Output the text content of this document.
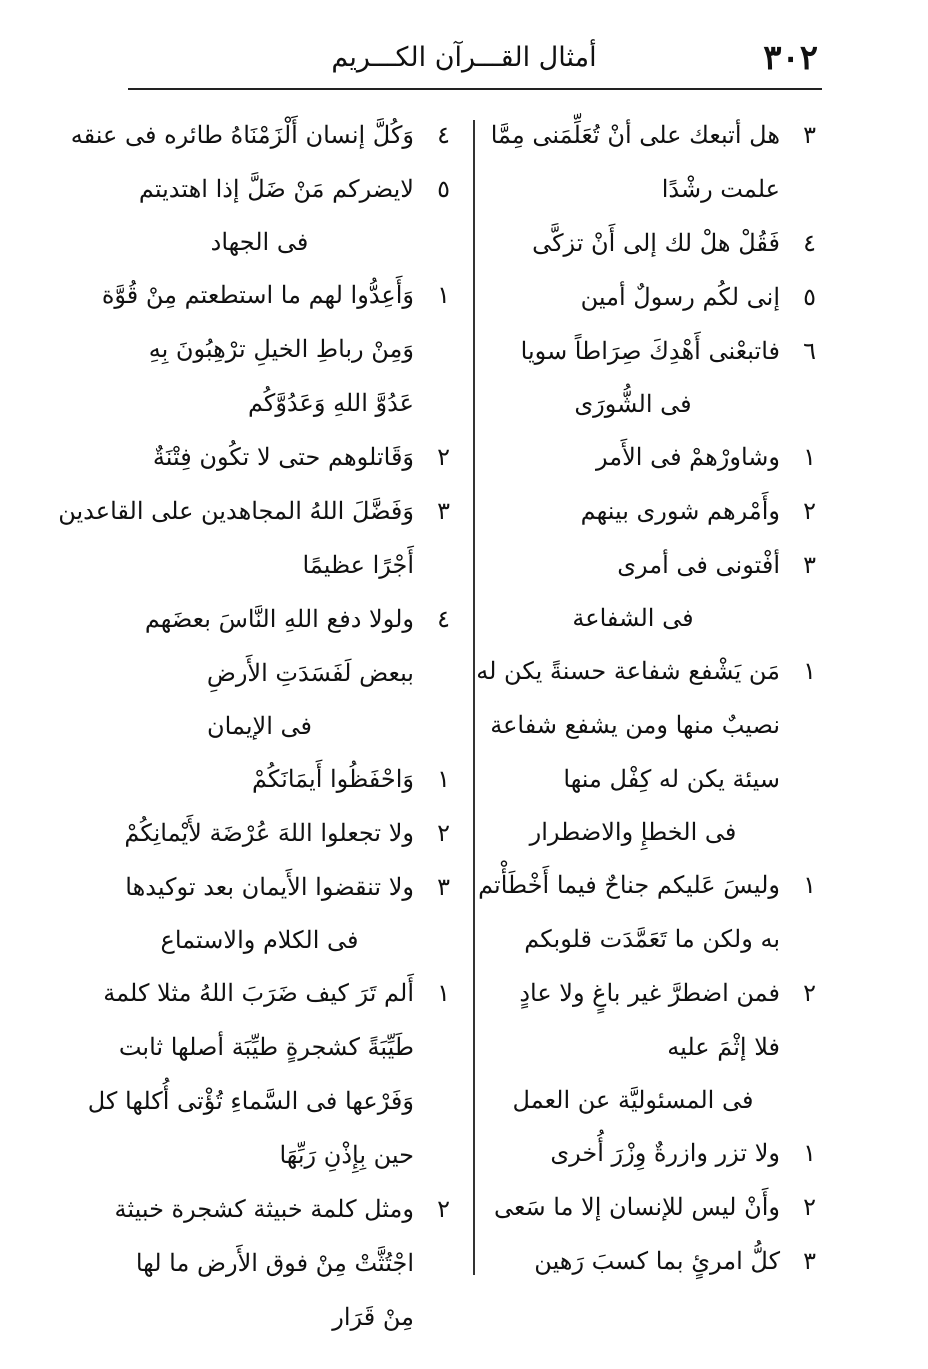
٣٠٢
أمثال القـــرآن الكـــريم
٣
هل أتبعك على أنْ تُعَلِّمَنى مِمَّا
علمت رشْدًا
٤
فَقُلْ هلْ لك إلى أَنْ تزكَّى
٥
إنى لكُم رسولٌ أمين
٦
فاتبعْنى أَهْدِكَ صِرَاطاً سويا
فى الشُّورَى
١
وشاورْهمْ فى الأَمر
٢
وأَمْرهم شورى بينهم
٣
أفْتونى فى أمرى
فى الشفاعة
١
مَن يَشْفع شفاعة حسنةً يكن له
نصيبٌ منها ومن يشفع شفاعة
سيئة يكن له كِفْل منها
فى الخطإِ والاضطرار
١
وليسَ عَليكم جناحٌ فيما أَخْطَأْتم
به ولكن ما تَعَمَّدَت قلوبكم
٢
فمن اضطرَّ غير باغٍ ولا عادٍ
فلا إثْمَ عليه
فى المسئوليَّة عن العمل
١
ولا تزر وازرةٌ وِزْرَ أُخرى
٢
وأَنْ ليس للإنسان إلا ما سَعى
٣
كلُّ امرئٍ بما كسبَ رَهين
٤
وَكُلَّ إنسان أَلْزَمْنَاهُ طائره فى عنقه
٥
لايضركم مَنْ ضَلَّ إذا اهتديتم
فى الجهاد
١
وَأَعِدُّوا لهم ما استطعتم مِنْ قُوَّة
وَمِنْ رباطِ الخيلِ ترْهِبُونَ بِهِ
عَدُوَّ اللهِ وَعَدُوَّكُم
٢
وَقَاتلوهم حتى لا تكُون فِتْنَةٌ
٣
وَفَضَّلَ اللهُ المجاهدين على القاعدين
أَجْرًا عظيمًا
٤
ولولا دفع اللهِ النَّاسَ بعضَهم
ببعض لَفَسَدَتِ الأَرضِ
فى الإيمان
١
وَاحْفَظُوا أَيمَانَكُمْ
٢
ولا تجعلوا اللهَ عُرْضَة لأَيْمانِكُمْ
٣
ولا تنقضوا الأَيمان بعد توكيدها
فى الكلام والاستماع
١
أَلم تَرَ كيف ضَرَبَ اللهُ مثلا كلمة
طَيِّبَةً كشجرةٍ طيِّبَة أصلها ثابت
وَفَرْعها فى السَّماءِ تُؤْتى أُكلها كل
حين بِإِذْنِ رَبِّهَا
٢
ومثل كلمة خبيثة كشجرة خبيثة
اجْتُثَّتْ مِنْ فوق الأَرض ما لها
مِنْ قَرَار
